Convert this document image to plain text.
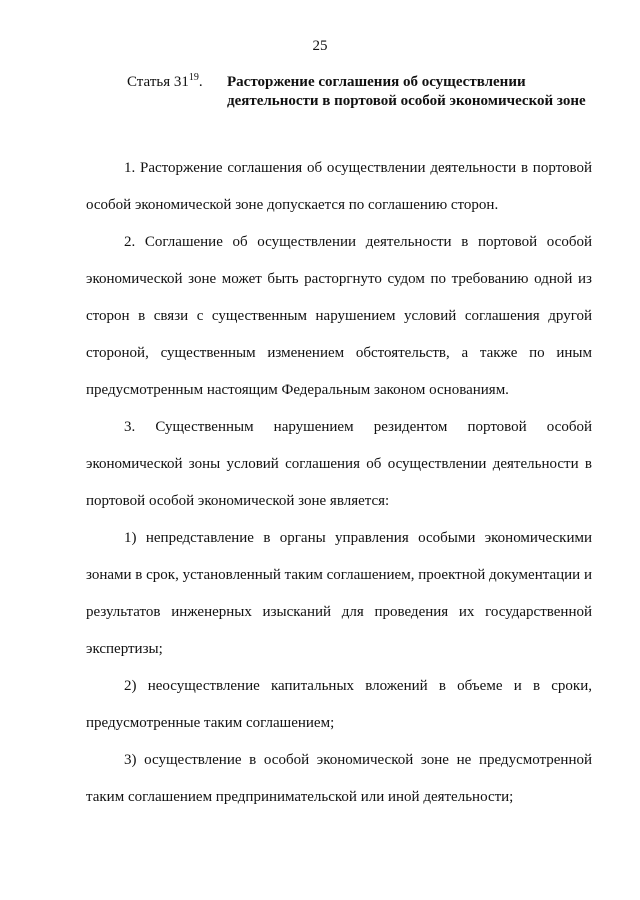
25
Статья $31^{19}$.	Расторжение соглашения об осуществлении деятельности в портовой особой экономической зоне

1. Расторжение соглашения об осуществлении деятельности в портовой особой экономической зоне допускается по соглашению сторон.

2. Соглашение об осуществлении деятельности в портовой особой экономической зоне может быть расторгнуто судом по требованию одной из сторон в связи с существенным нарушением условий соглашения другой стороной, существенным изменением обстоятельств, а также по иным предусмотренным настоящим Федеральным законом основаниям.

3. Существенным нарушением резидентом портовой особой экономической зоны условий соглашения об осуществлении деятельности в портовой особой экономической зоне является:

1) непредставление в органы управления особыми экономическими зонами в срок, установленный таким соглашением, проектной документации и результатов инженерных изысканий для проведения их государственной экспертизы;

2) неосуществление капитальных вложений в объеме и в сроки, предусмотренные таким соглашением;

3) осуществление в особой экономической зоне не предусмотренной таким соглашением предпринимательской или иной деятельности;
